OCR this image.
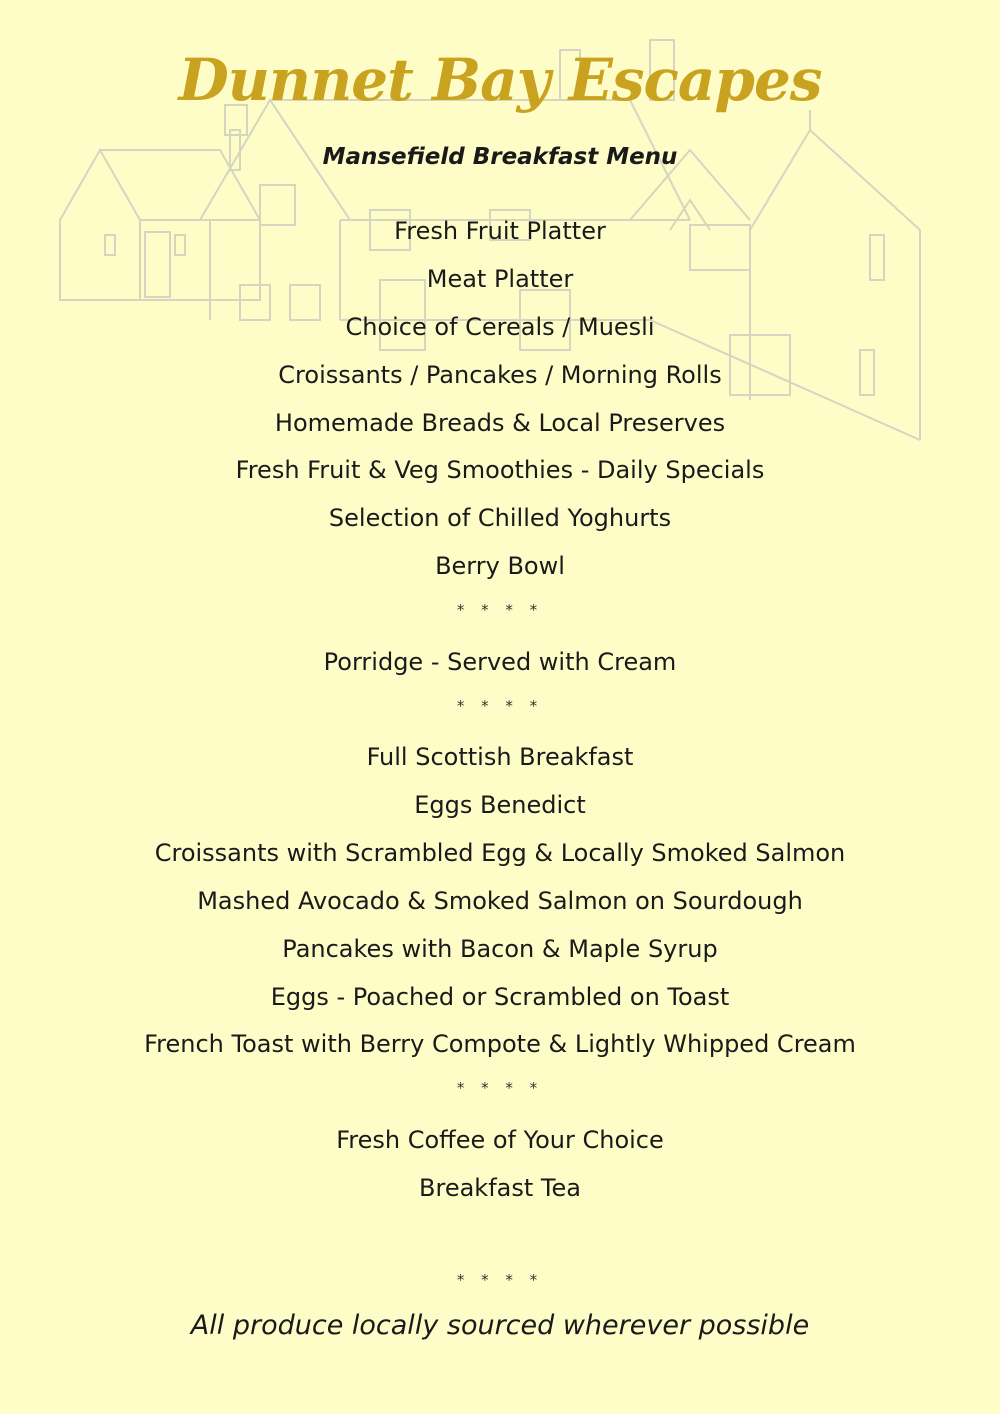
Dunnet Bay Escapes
Mansefield Breakfast Menu
Fresh Fruit Platter
Meat Platter
Choice of Cereals / Muesli
Croissants / Pancakes / Morning Rolls
Homemade Breads & Local Preserves
Fresh Fruit & Veg Smoothies - Daily Specials
Selection of Chilled Yoghurts
Berry Bowl
* * * *
Porridge - Served with Cream
* * * *
Full Scottish Breakfast
Eggs Benedict
Croissants with Scrambled Egg & Locally Smoked Salmon
Mashed Avocado & Smoked Salmon on Sourdough
Pancakes with Bacon & Maple Syrup
Eggs - Poached or Scrambled on Toast
French Toast with Berry Compote & Lightly Whipped Cream
* * * *
Fresh Coffee of Your Choice
Breakfast Tea
* * * *
All produce locally sourced wherever possible
